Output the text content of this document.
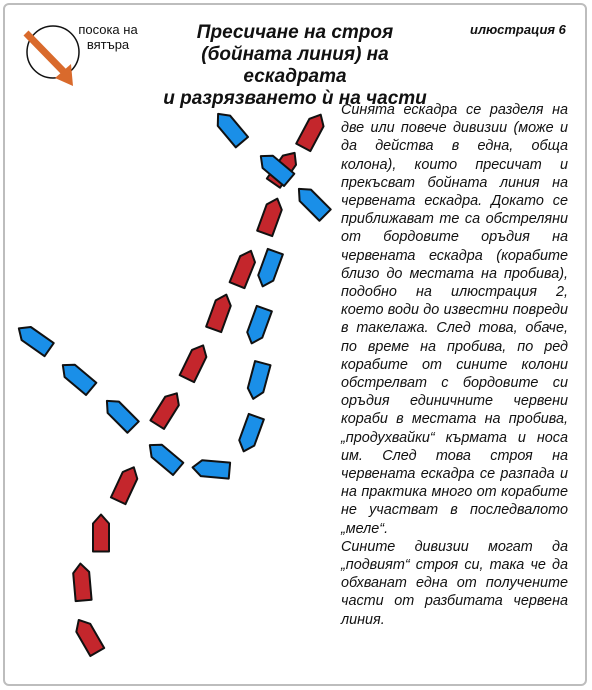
посока на вятъра
Пресичане на строя
(бойната линия) на ескадрата
и разрязването ѝ на части
илюстрация 6

Синята ескадра се разделя на две или повече дивизии (може и да действа в една, обща колона), които пресичат и прекъсват бойната линия на червената ескадра. Докато се приближават те са обстреляни от бордовите оръдия на червената ескадра (корабите близо до местата на пробива), подобно на илюстрация 2, което води до известни повреди в такелажа. След това, обаче, по време на пробива, по ред корабите от сините колони обстрелват с бордовите си оръдия единичните червени кораби в местата на пробива, „продухвайки“ кърмата и носа им. След това строя на червената ескадра се разпада и на практика много от корабите не участват в последвалото „меле“.

Сините дивизии могат да „подвият“ строя си, така че да обхванат една от получените части от разбитата червена линия.
